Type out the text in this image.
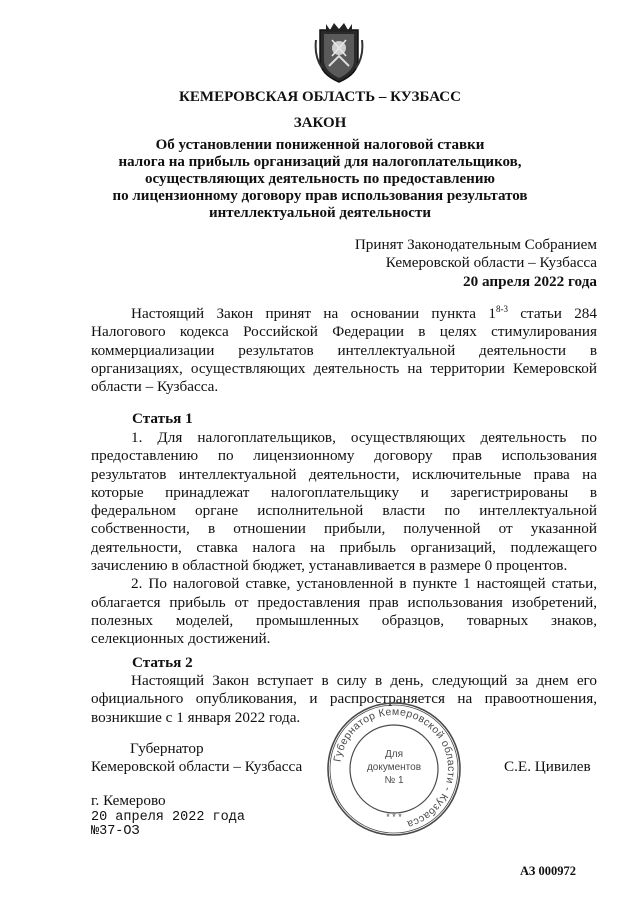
КЕМЕРОВСКАЯ ОБЛАСТЬ – КУЗБАСС
ЗАКОН
Об установлении пониженной налоговой ставки
налога на прибыль организаций для налогоплательщиков,
осуществляющих деятельность по предоставлению
по лицензионному договору прав использования результатов
интеллектуальной деятельности
Принят Законодательным Собранием
Кемеровской области – Кузбасса
20 апреля 2022 года
Настоящий Закон принят на основании пункта 1$^{8-3}$ статьи 284
Налогового кодекса Российской Федерации в целях стимулирования
коммерциализации результатов интеллектуальной деятельности в
организациях, осуществляющих деятельность на территории Кемеровской
области – Кузбасса.
Статья 1
1. Для налогоплательщиков, осуществляющих деятельность по
предоставлению по лицензионному договору прав использования
результатов интеллектуальной деятельности, исключительные права на
которые принадлежат налогоплательщику и зарегистрированы в
федеральном органе исполнительной власти по интеллектуальной
собственности, в отношении прибыли, полученной от указанной
деятельности, ставка налога на прибыль организаций, подлежащего
зачислению в областной бюджет, устанавливается в размере 0 процентов.
2. По налоговой ставке, установленной в пункте 1 настоящей статьи,
облагается прибыль от предоставления прав использования изобретений,
полезных моделей, промышленных образцов, товарных знаков,
селекционных достижений.
Статья 2
Настоящий Закон вступает в силу в день, следующий за днем его
официального опубликования, и распространяется на правоотношения,
возникшие с 1 января 2022 года.
Губернатор
Кемеровской области – Кузбасса	С.Е. Цивилев
Губернатор Кемеровской области - Кузбасса
Для
документов
№ 1
* * *
г. Кемерово
20 апреля 2022 года
№37-ОЗ
АЗ 000972
